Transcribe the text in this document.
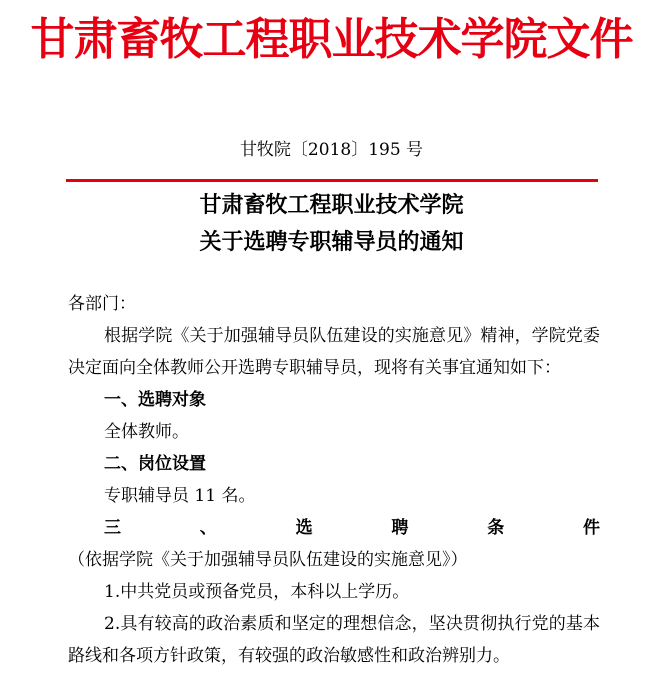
甘肃畜牧工程职业技术学院文件
甘牧院〔2018〕195 号
甘肃畜牧工程职业技术学院
关于选聘专职辅导员的通知

各部门：

根据学院《关于加强辅导员队伍建设的实施意见》精神，学院党委决定面向全体教师公开选聘专职辅导员，现将有关事宜通知如下：

一、选聘对象

全体教师。

二、岗位设置

专职辅导员 11 名。

三、选聘条件（依据学院《关于加强辅导员队伍建设的实施意见》）

1.中共党员或预备党员，本科以上学历。

2.具有较高的政治素质和坚定的理想信念，坚决贯彻执行党的基本路线和各项方针政策，有较强的政治敏感性和政治辨别力。
